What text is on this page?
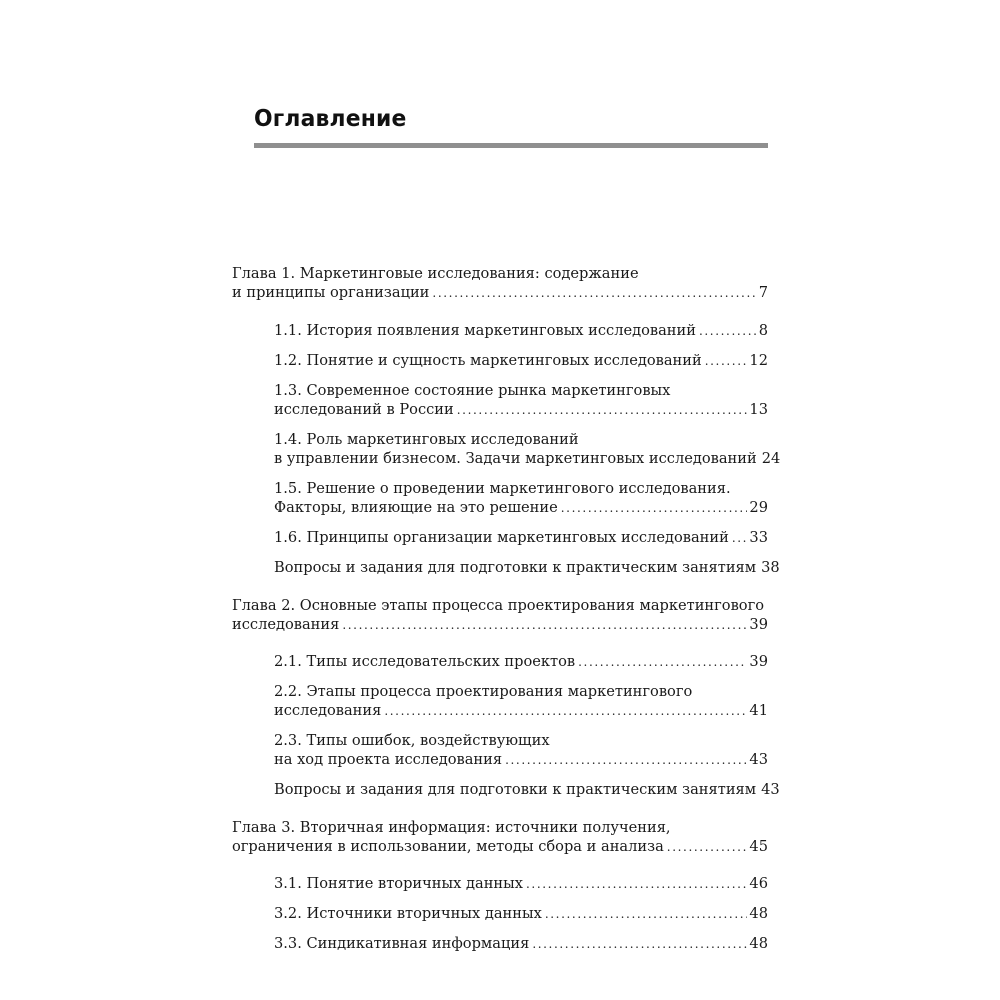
Оглавление
Глава 1. Маркетинговые исследования: содержание
и принципы организации .....	7
1.1. История появления маркетинговых исследований .....	8
1.2. Понятие и сущность маркетинговых исследований .....	12
1.3. Современное состояние рынка маркетинговых
исследований в России .....	13
1.4. Роль маркетинговых исследований
в управлении бизнесом. Задачи маркетинговых исследований 24
1.5. Решение о проведении маркетингового исследования.
Факторы, влияющие на это решение .....	29
1.6. Принципы организации маркетинговых исследований ..... 33
Вопросы и задания для подготовки к практическим занятиям 38
Глава 2. Основные этапы процесса проектирования маркетингового
исследования .....	39
2.1. Типы исследовательских проектов .....	39
2.2. Этапы процесса проектирования маркетингового
исследования .....	41
2.3. Типы ошибок, воздействующих
на ход проекта исследования .....	43
Вопросы и задания для подготовки к практическим занятиям 43
Глава 3. Вторичная информация: источники получения,
ограничения в использовании, методы сбора и анализа .....	45
3.1. Понятие вторичных данных .....	46
3.2. Источники вторичных данных .....	48
3.3. Синдикативная информация .....	48
